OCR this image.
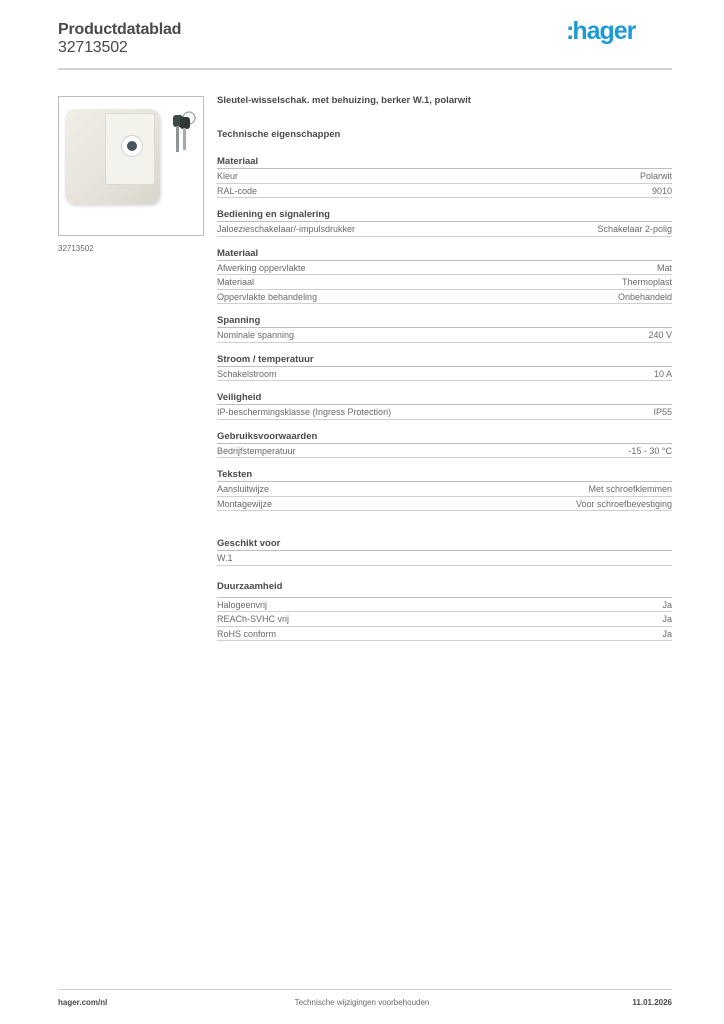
Productdatablad
32713502
:hager
32713502
Sleutel-wisselschak. met behuizing, berker W.1, polarwit
Technische eigenschappen
Materiaal
Kleur	Polarwit
RAL-code	9010
Bediening en signalering
Jaloezieschakelaar/-impulsdrukker	Schakelaar 2-polig
Materiaal
Afwerking oppervlakte	Mat
Materiaal	Thermoplast
Oppervlakte behandeling	Onbehandeld
Spanning
Nominale spanning	240 V
Stroom / temperatuur
Schakelstroom	10 A
Veiligheid
IP-beschermingsklasse (Ingress Protection)	IP55
Gebruiksvoorwaarden
Bedrijfstemperatuur	-15 - 30 °C
Teksten
Aansluitwijze	Met schroefklemmen
Montagewijze	Voor schroefbevestiging
Geschikt voor
W.1
Duurzaamheid
Halogeenvrij	Ja
REACh-SVHC vrij	Ja
RoHS conform	Ja
hager.com/nl	Technische wijzigingen voorbehouden	11.01.2026
